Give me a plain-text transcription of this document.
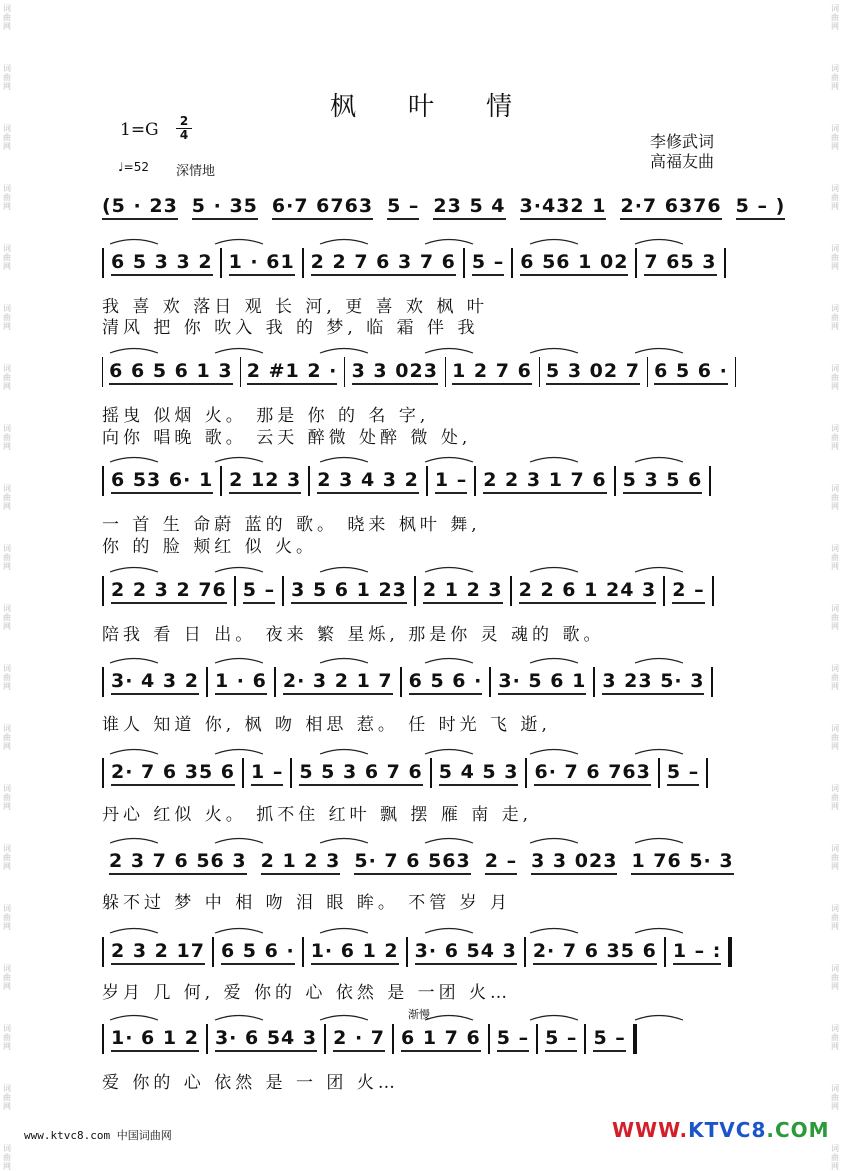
词曲网
词曲网
词曲网
词曲网
词曲网
词曲网
词曲网
词曲网
词曲网
词曲网
词曲网
词曲网
词曲网
词曲网
词曲网
词曲网
词曲网
词曲网
词曲网
词曲网
词曲网
词曲网
词曲网
词曲网
词曲网
词曲网
词曲网
词曲网
词曲网
词曲网
词曲网
词曲网
词曲网
词曲网
词曲网
词曲网
词曲网
词曲网
词曲网
词曲网
枫叶情
$1=G \frac{2}{4}$
♩=52 深情地
李修武词
高福友曲
(5 · 23 5 · 35 6·7 6763 5 – 23 5 4 3·432 1 2·7 6376 5 – )
6 5 3 3 2 1 · 61 2 2 7 6 3 7 6 5 – 6 56 1 02 7 65 3
我 喜 欢 落日 观 长 河, 更 喜 欢 枫 叶
清风 把 你 吹入 我 的 梦, 临 霜 伴 我
6 6 5 6 1 3 2 #1 2 · 3 3 023 1 2 7 6 5 3 02 7 6 5 6 ·
摇曳 似烟 火。 那是 你 的 名 字,
向你 唱晚 歌。 云天 醉微 处醉 微 处,
6 53 6· 1 2 12 3 2 3 4 3 2 1 – 2 2 3 1 7 6 5 3 5 6
一 首 生 命蔚 蓝的 歌。 晓来 枫叶 舞,
你 的 脸 颊红 似 火。
2 2 3 2 76 5 – 3 5 6 1 23 2 1 2 3 2 2 6 1 24 3 2 –
陪我 看 日 出。 夜来 繁 星烁, 那是你 灵 魂的 歌。
3· 4 3 2 1 · 6 2· 3 2 1 7 6 5 6 · 3· 5 6 1 3 23 5· 3
谁人 知道 你, 枫 吻 相思 惹。 任 时光 飞 逝,
2· 7 6 35 6 1 – 5 5 3 6 7 6 5 4 5 3 6· 7 6 763 5 –
丹心 红似 火。 抓不住 红叶 飘 摆 雁 南 走,
2 3 7 6 56 3 2 1 2 3 5· 7 6 563 2 – 3 3 023 1 76 5· 3
躲不过 梦 中 相 吻 泪 眼 眸。 不管 岁 月
2 3 2 17 6 5 6 · 1· 6 1 2 3· 6 54 3 2· 7 6 35 6 1 – :
岁月 几 何, 爱 你的 心 依然 是 一团 火…
1· 6 1 2 3· 6 54 3 2 · 7 6 1 7 6 5 – 5 – 5 –
爱 你的 心 依然 是 一 团 火…
渐慢
www.ktvc8.com 中国词曲网	WWW.KTVC8.COM
